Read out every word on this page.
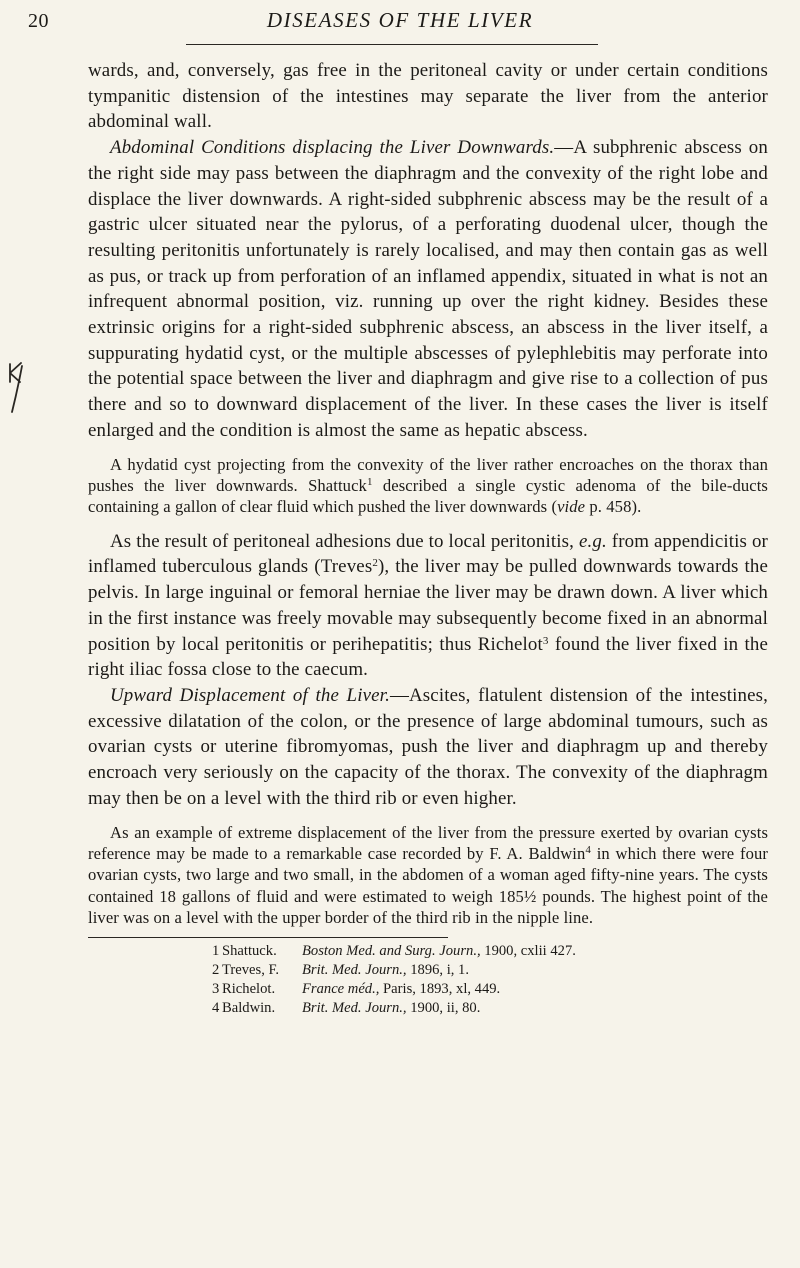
20	DISEASES OF THE LIVER

wards, and, conversely, gas free in the peritoneal cavity or under certain conditions tympanitic distension of the intestines may separate the liver from the anterior abdominal wall.

Abdominal Conditions displacing the Liver Downwards.—A subphrenic abscess on the right side may pass between the diaphragm and the convexity of the right lobe and displace the liver downwards. A right-sided subphrenic abscess may be the result of a gastric ulcer situated near the pylorus, of a perforating duodenal ulcer, though the resulting peritonitis unfortunately is rarely localised, and may then contain gas as well as pus, or track up from perforation of an inflamed appendix, situated in what is not an infrequent abnormal position, viz. running up over the right kidney. Besides these extrinsic origins for a right-sided subphrenic abscess, an abscess in the liver itself, a suppurating hydatid cyst, or the multiple abscesses of pylephlebitis may perforate into the potential space between the liver and diaphragm and give rise to a collection of pus there and so to downward displacement of the liver. In these cases the liver is itself enlarged and the condition is almost the same as hepatic abscess.

A hydatid cyst projecting from the convexity of the liver rather encroaches on the thorax than pushes the liver downwards. Shattuck$^1$ described a single cystic adenoma of the bile-ducts containing a gallon of clear fluid which pushed the liver downwards (vide p. 458).

As the result of peritoneal adhesions due to local peritonitis, e.g. from appendicitis or inflamed tuberculous glands (Treves$^2$), the liver may be pulled downwards towards the pelvis. In large inguinal or femoral herniae the liver may be drawn down. A liver which in the first instance was freely movable may subsequently become fixed in an abnormal position by local peritonitis or perihepatitis; thus Richelot$^3$ found the liver fixed in the right iliac fossa close to the caecum.

Upward Displacement of the Liver.—Ascites, flatulent distension of the intestines, excessive dilatation of the colon, or the presence of large abdominal tumours, such as ovarian cysts or uterine fibromyomas, push the liver and diaphragm up and thereby encroach very seriously on the capacity of the thorax. The convexity of the diaphragm may then be on a level with the third rib or even higher.

As an example of extreme displacement of the liver from the pressure exerted by ovarian cysts reference may be made to a remarkable case recorded by F. A. Baldwin$^4$ in which there were four ovarian cysts, two large and two small, in the abdomen of a woman aged fifty-nine years. The cysts contained 18 gallons of fluid and were estimated to weigh 185½ pounds. The highest point of the liver was on a level with the upper border of the third rib in the nipple line.

1 Shattuck. Boston Med. and Surg. Journ., 1900, cxlii 427.
2 Treves, F. Brit. Med. Journ., 1896, i, 1.
3 Richelot. France méd., Paris, 1893, xl, 449.
4 Baldwin. Brit. Med. Journ., 1900, ii, 80.
